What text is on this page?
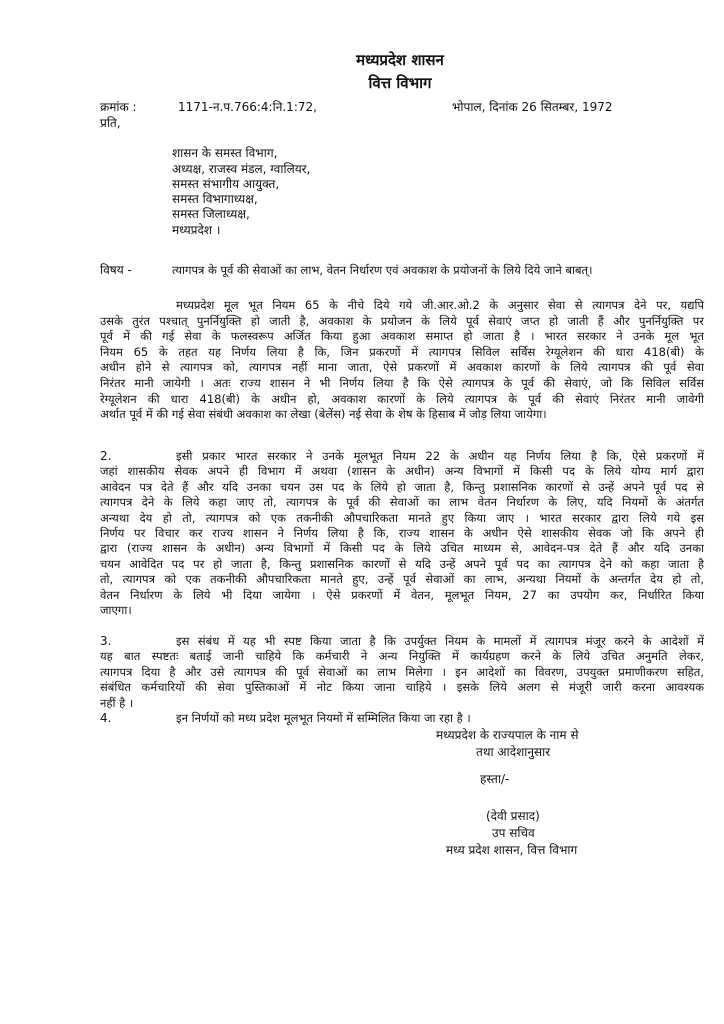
मध्यप्रदेश शासन
वित्त विभाग
क्रमांक :	1171-न.प.766:4:नि.1:72,	भोपाल, दिनांक 26 सितम्बर, 1972
प्रति,
शासन के समस्त विभाग,
अध्यक्ष, राजस्व मंडल, ग्वालियर,
समस्त संभागीय आयुक्त,
समस्त विभागाध्यक्ष,
समस्त जिलाध्यक्ष,
मध्यप्रदेश ।
विषय -	त्यागपत्र के पूर्व की सेवाओं का लाभ, वेतन निर्धारण एवं अवकाश के प्रयोजनों के लिये दिये जाने बाबत्।
मध्यप्रदेश मूल भूत नियम 65 के नीचे दिये गये जी.आर.ओ.2 के अनुसार सेवा से त्यागपत्र देने पर, यद्यपि
उसके तुरंत पश्चात् पुनर्नियुक्ति हो जाती है, अवकाश के प्रयोजन के लिये पूर्व सेवाएं जप्त हो जाती हैं और पुनर्नियुक्ति पर
पूर्व में की गई सेवा के फलस्वरूप अर्जित किया हुआ अवकाश समाप्त हो जाता है । भारत सरकार ने उनके मूल भूत
नियम 65 के तहत यह निर्णय लिया है कि, जिन प्रकरणों में त्यागपत्र सिविल सर्विस रेग्यूलेशन की धारा 418(बी) के
अधीन होने से त्यागपत्र को, त्यागपत्र नहीं माना जाता, ऐसे प्रकरणों में अवकाश कारणों के लिये त्यागपत्र की पूर्व सेवा
निरंतर मानी जायेगी । अतः राज्य शासन ने भी निर्णय लिया है कि ऐसे त्यागपत्र के पूर्व की सेवाएं, जो कि सिविल सर्विस
रेग्यूलेशन की धारा 418(बी) के अधीन हो, अवकाश कारणों के लिये त्यागपत्र के पूर्व की सेवाएं निरंतर मानी जावेगी
अर्थात पूर्व में की गई सेवा संबंधी अवकाश का लेखा (बेलेंस) नई सेवा के शेष के हिसाब में जोड़ लिया जायेगा।
2.	इसी प्रकार भारत सरकार ने उनके मूलभूत नियम 22 के अधीन यह निर्णय लिया है कि, ऐसे प्रकरणों में
जहां शासकीय सेवक अपने ही विभाग में अथवा (शासन के अधीन) अन्य विभागों में किसी पद के लिये योग्य मार्ग द्वारा
आवेदन पत्र देते हैं और यदि उनका चयन उस पद के लिये हो जाता है, किन्तु प्रशासनिक कारणों से उन्हें अपने पूर्व पद से
त्यागपत्र देने के लिये कहा जाए तो, त्यागपत्र के पूर्व की सेवाओं का लाभ वेतन निर्धारण के लिए, यदि नियमों के अंतर्गत
अन्यथा देय हो तो, त्यागपत्र को एक तकनीकी औपचारिकता मानते हुए किया जाए । भारत सरकार द्वारा लिये गये इस
निर्णय पर विचार कर राज्य शासन ने निर्णय लिया है कि, राज्य शासन के अधीन ऐसे शासकीय सेवक जो कि अपने ही
द्वारा (राज्य शासन के अधीन) अन्य विभागों में किसी पद के लिये उचित माध्यम से, आवेदन-पत्र देते हैं और यदि उनका
चयन आवेदित पद पर हो जाता है, किन्तु प्रशासनिक कारणों से यदि उन्हें अपने पूर्व पद का त्यागपत्र देने को कहा जाता है
तो, त्यागपत्र को एक तकनीकी औपचारिकता मानते हुए, उन्हें पूर्व सेवाओं का लाभ, अन्यथा नियमों के अन्तर्गत देय हो तो,
वेतन निर्धारण के लिये भी दिया जायेगा । ऐसे प्रकरणों में वेतन, मूलभूत नियम, 27 का उपयोग कर, निर्धारित किया
जाएगा।
3.	इस संबंध में यह भी स्पष्ट किया जाता है कि उपर्युक्त नियम के मामलों में त्यागपत्र मंजूर करने के आदेशों में
यह बात स्पष्टतः बताई जानी चाहिये कि कर्मचारी ने अन्य नियुक्ति में कार्यग्रहण करने के लिये उचित अनुमति लेकर,
त्यागपत्र दिया है और उसे त्यागपत्र की पूर्व सेवाओं का लाभ मिलेगा । इन आदेशों का विवरण, उपयुक्त प्रमाणीकरण सहित,
संबंधित कर्मचारियों की सेवा पुस्तिकाओं में नोट किया जाना चाहिये । इसके लिये अलग से मंजूरी जारी करना आवश्यक
नहीं है ।
4.	इन निर्णयों को मध्य प्रदेश मूलभूत नियमों में सम्मिलित किया जा रहा है ।
मध्यप्रदेश के राज्यपाल के नाम से
तथा आदेशानुसार
हस्ता/-
(देवी प्रसाद)
उप सचिव
मध्य प्रदेश शासन, वित्त विभाग
